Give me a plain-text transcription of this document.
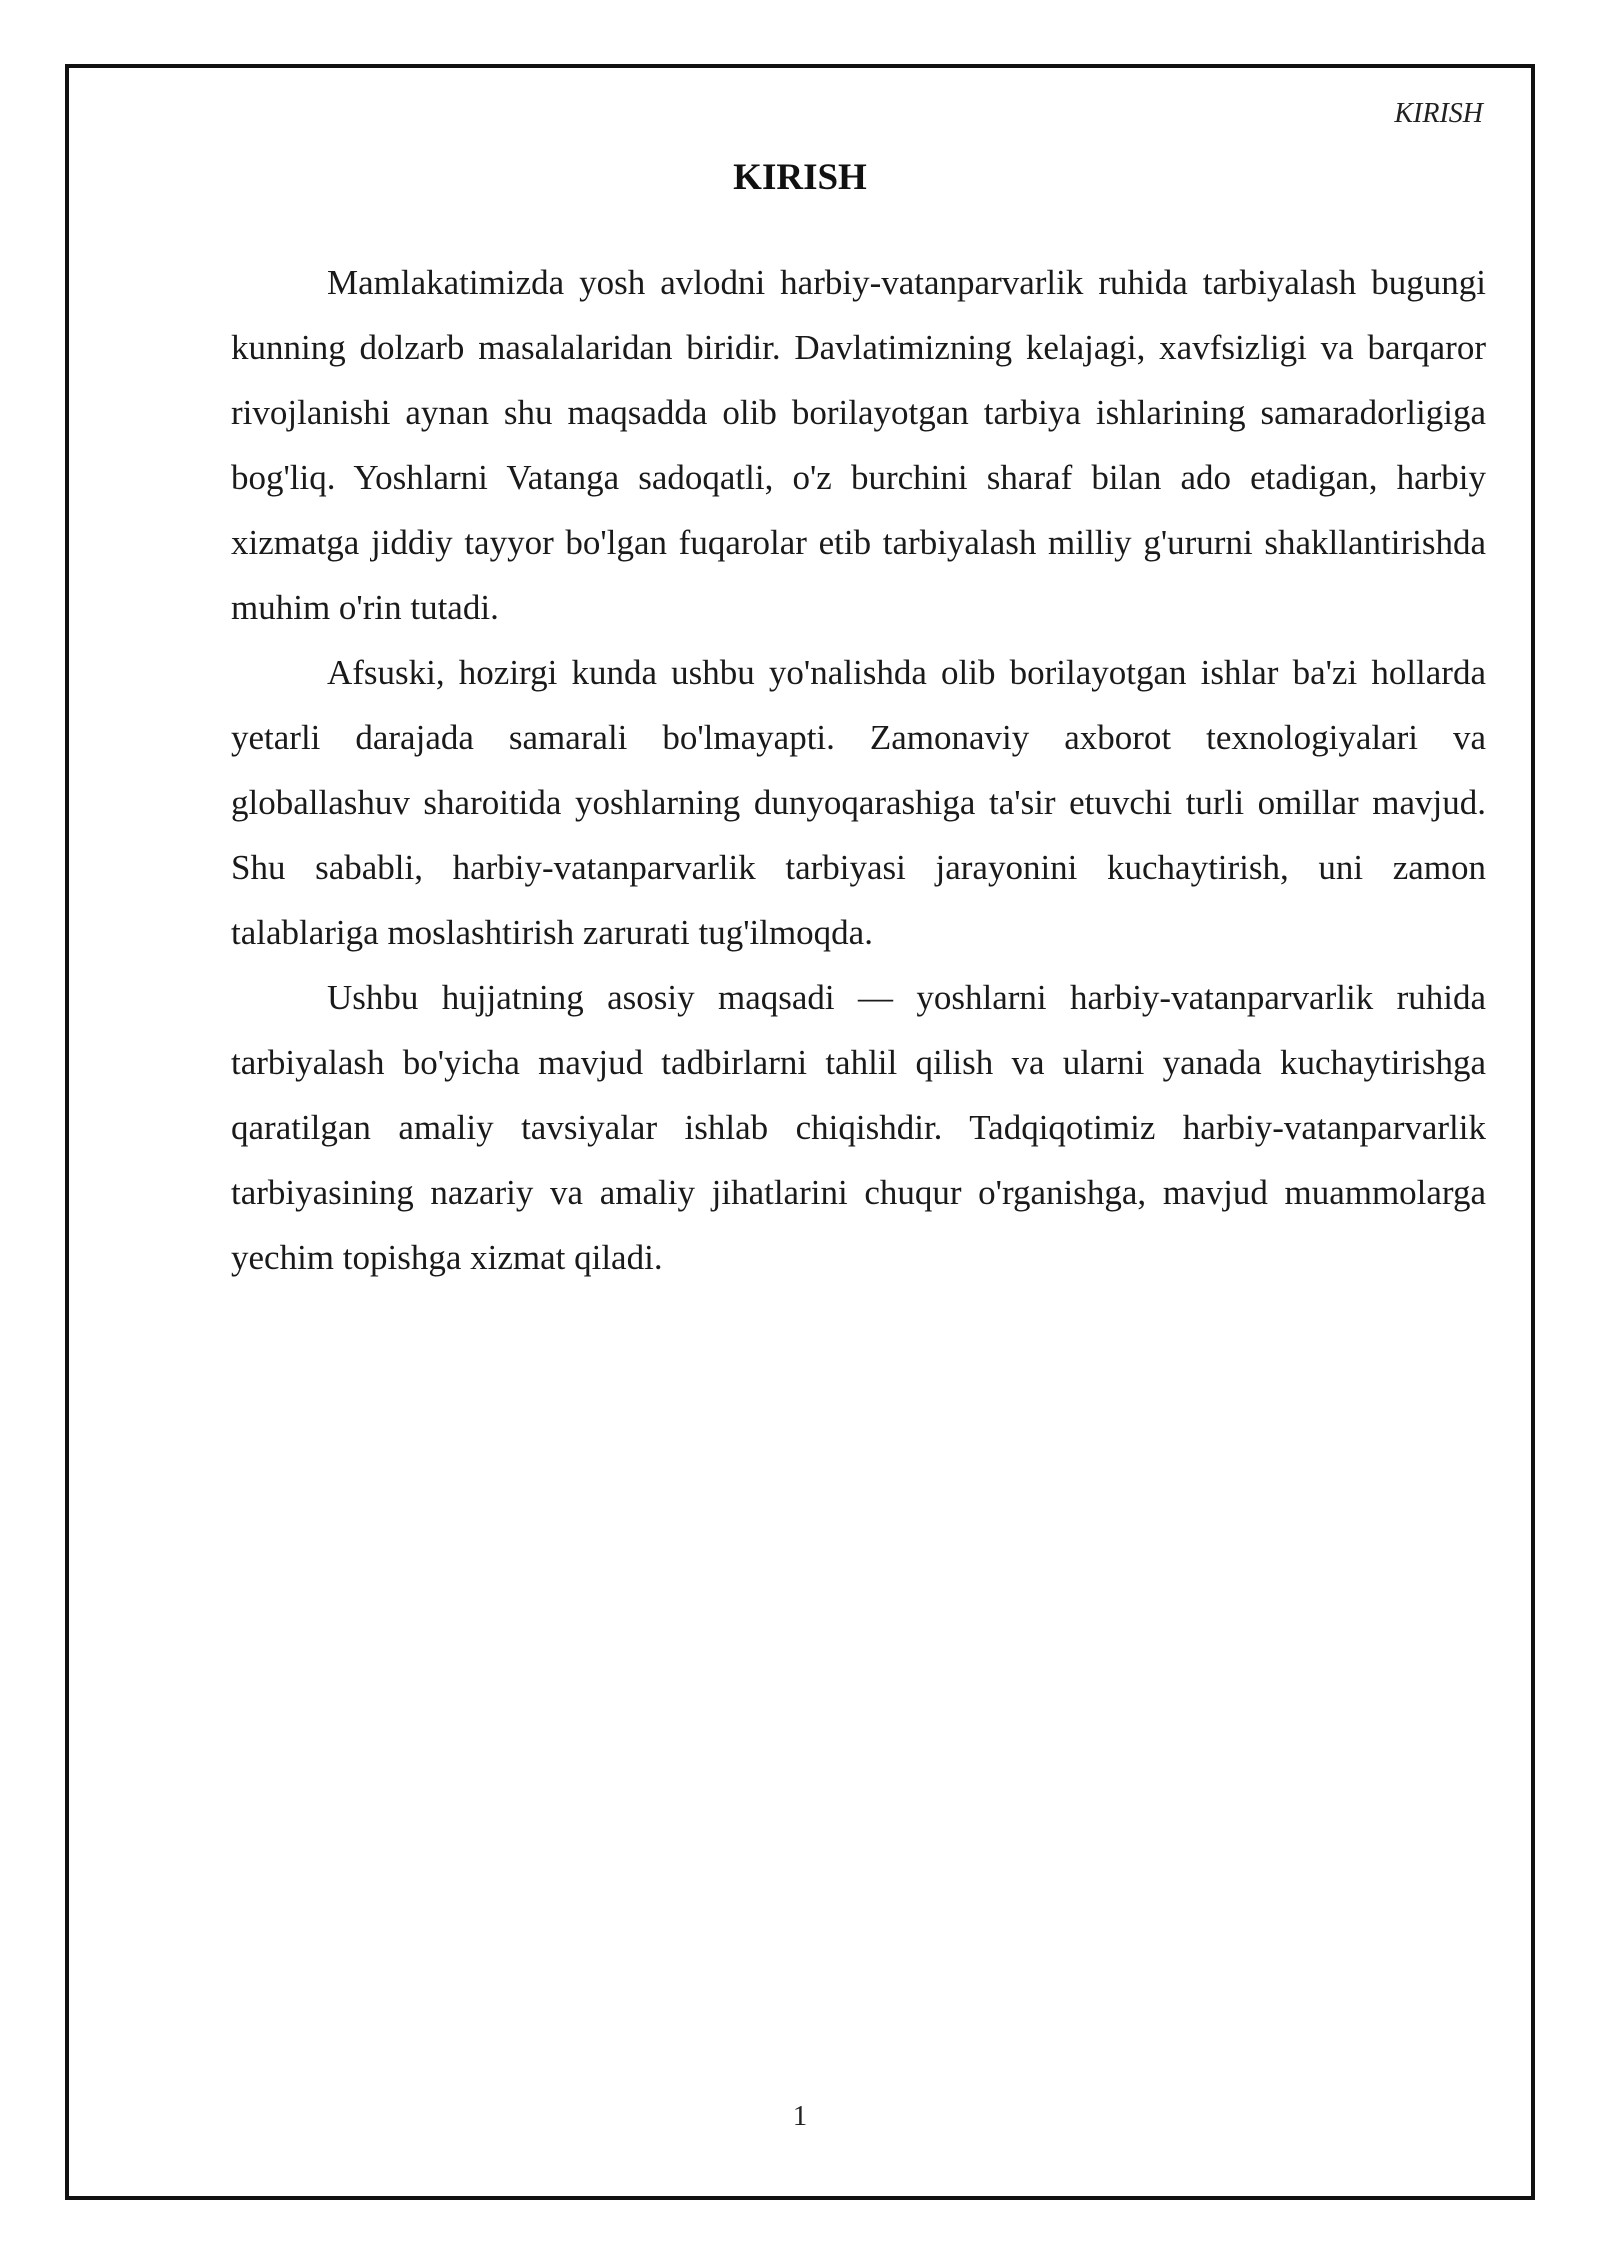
KIRISH
KIRISH

Mamlakatimizda yosh avlodni harbiy-vatanparvarlik ruhida tarbiyalash bugungi kunning dolzarb masalalaridan biridir. Davlatimizning kelajagi, xavfsizligi va barqaror rivojlanishi aynan shu maqsadda olib borilayotgan tarbiya ishlarining samaradorligiga bog'liq. Yoshlarni Vatanga sadoqatli, o'z burchini sharaf bilan ado etadigan, harbiy xizmatga jiddiy tayyor bo'lgan fuqarolar etib tarbiyalash milliy g'ururni shakllantirishda muhim o'rin tutadi.

Afsuski, hozirgi kunda ushbu yo'nalishda olib borilayotgan ishlar ba'zi hollarda yetarli darajada samarali bo'lmayapti. Zamonaviy axborot texnologiyalari va globallashuv sharoitida yoshlarning dunyoqarashiga ta'sir etuvchi turli omillar mavjud. Shu sababli, harbiy-vatanparvarlik tarbiyasi jarayonini kuchaytirish, uni zamon talablariga moslashtirish zarurati tug'ilmoqda.

Ushbu hujjatning asosiy maqsadi — yoshlarni harbiy-vatanparvarlik ruhida tarbiyalash bo'yicha mavjud tadbirlarni tahlil qilish va ularni yanada kuchaytirishga qaratilgan amaliy tavsiyalar ishlab chiqishdir. Tadqiqotimiz harbiy-vatanparvarlik tarbiyasining nazariy va amaliy jihatlarini chuqur o'rganishga, mavjud muammolarga yechim topishga xizmat qiladi.

1
